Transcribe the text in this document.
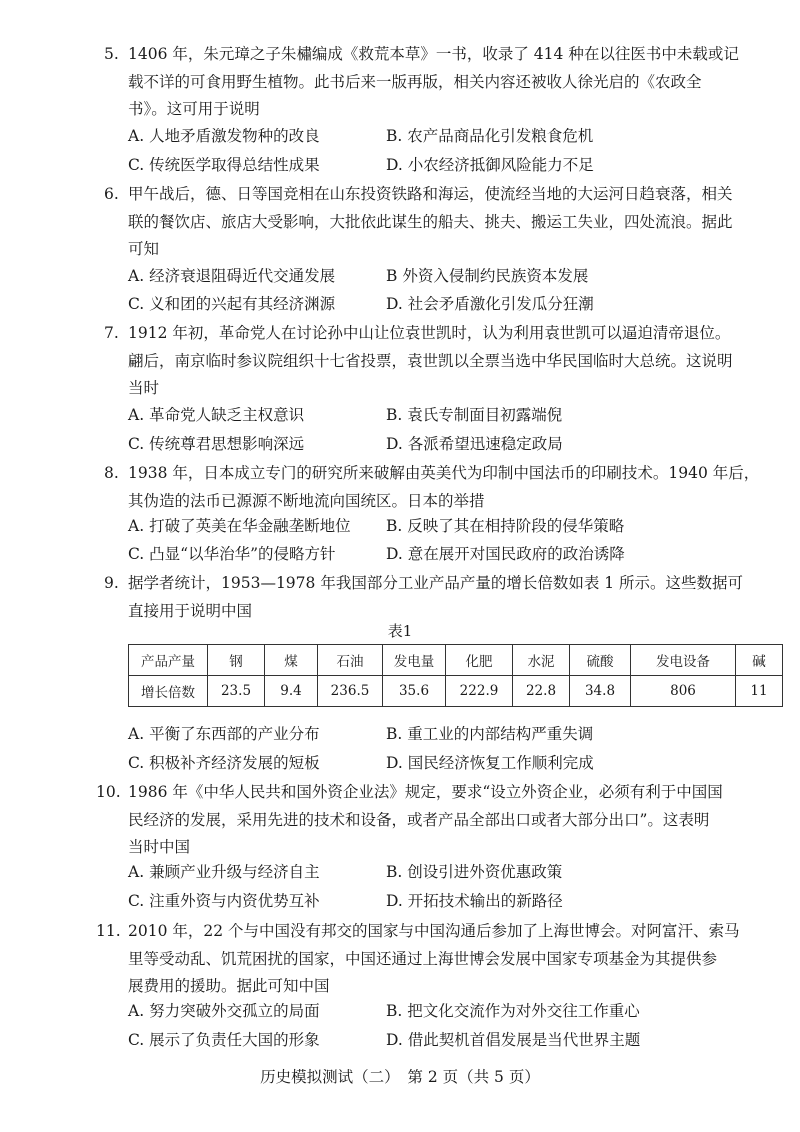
5. 1406 年，朱元璋之子朱橚编成《救荒本草》一书，收录了 414 种在以往医书中未载或记
载不详的可食用野生植物。此书后来一版再版，相关内容还被收人徐光启的《农政全
书》。这可用于说明
A. 人地矛盾激发物种的改良	B. 农产品商品化引发粮食危机
C. 传统医学取得总结性成果	D. 小农经济抵御风险能力不足
6. 甲午战后，德、日等国竞相在山东投资铁路和海运，使流经当地的大运河日趋衰落，相关
联的餐饮店、旅店大受影响，大批依此谋生的船夫、挑夫、搬运工失业，四处流浪。据此
可知
A. 经济衰退阻碍近代交通发展	B 外资入侵制约民族资本发展
C. 义和团的兴起有其经济渊源	D. 社会矛盾激化引发瓜分狂潮
7. 1912 年初，革命党人在讨论孙中山让位袁世凯时，认为利用袁世凯可以逼迫清帝退位。
翩后，南京临时参议院组织十七省投票，袁世凯以全票当选中华民国临时大总统。这说明
当时
A. 革命党人缺乏主权意识	B. 袁氏专制面目初露端倪
C. 传统尊君思想影响深远	D. 各派希望迅速稳定政局
8. 1938 年，日本成立专门的研究所来破解由英美代为印制中国法币的印刷技术。1940 年后，
其伪造的法币已源源不断地流向国统区。日本的举措
A. 打破了英美在华金融垄断地位 B. 反映了其在相持阶段的侵华策略
C. 凸显“以华治华”的侵略方针	D. 意在展开对国民政府的政治诱降
9. 据学者统计，1953—1978 年我国部分工业产品产量的增长倍数如表 1 所示。这些数据可
直接用于说明中国
A. 平衡了东西部的产业分布	B. 重工业的内部结构严重失调
C. 积极补齐经济发展的短板	D. 国民经济恢复工作顺利完成
10. 1986 年《中华人民共和国外资企业法》规定，要求“设立外资企业，必须有利于中国国
民经济的发展，采用先进的技术和设备，或者产品全部出口或者大部分出口”。这表明
当时中国
A. 兼顾产业升级与经济自主	B. 创设引进外资优惠政策
C. 注重外资与内资优势互补	D. 开拓技术输出的新路径
11. 2010 年，22 个与中国没有邦交的国家与中国沟通后参加了上海世博会。对阿富汗、索马
里等受动乱、饥荒困扰的国家，中国还通过上海世博会发展中国家专项基金为其提供参
展费用的援助。据此可知中国
A. 努力突破外交孤立的局面	B. 把文化交流作为对外交往工作重心
C. 展示了负责任大国的形象	D. 借此契机首倡发展是当代世界主题
表1
产品产量	钢	煤	石油	发电量	化肥	水泥	硫酸	发电设备	碱
增长倍数	23.5	9.4	236.5	35.6	222.9	22.8	34.8	806	11
历史模拟测试（二）　第 2 页（共 5 页）
